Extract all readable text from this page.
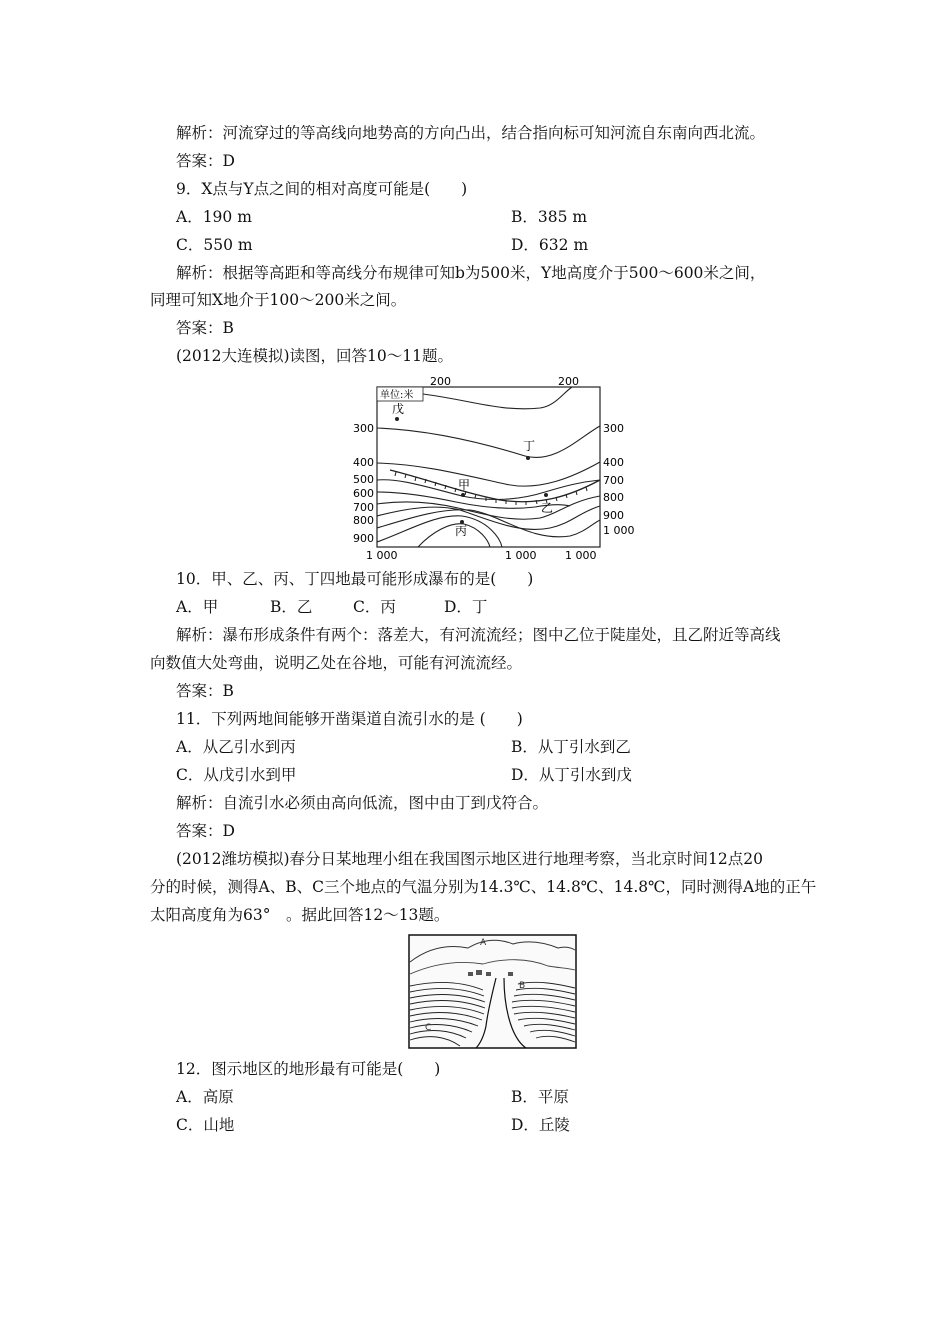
解析：河流穿过的等高线向地势高的方向凸出，结合指向标可知河流自东南向西北流。
答案：D
9．X点与Y点之间的相对高度可能是(　　)
A．190 m	B．385 m
C．550 m	D．632 m
解析：根据等高距和等高线分布规律可知b为500米，Y地高度介于500～600米之间，
同理可知X地介于100～200米之间。
答案：B
(2012大连模拟)读图，回答10～11题。
单位:米
戊
丁
甲
乙
丙
200	200
300
400
500
600
700
800
900
300
400
700
800
900
1 000
1 000	1 000	1 000
10．甲、乙、丙、丁四地最可能形成瀑布的是(　　)
A．甲	B．乙	C．丙	D．丁
解析：瀑布形成条件有两个：落差大，有河流流经；图中乙位于陡崖处，且乙附近等高线
向数值大处弯曲，说明乙处在谷地，可能有河流流经。
答案：B
11．下列两地间能够开凿渠道自流引水的是 (　　)
A．从乙引水到丙	B．从丁引水到乙
C．从戊引水到甲	D．从丁引水到戊
解析：自流引水必须由高向低流，图中由丁到戊符合。
答案：D
(2012潍坊模拟)春分日某地理小组在我国图示地区进行地理考察，当北京时间12点20
分的时候，测得A、B、C三个地点的气温分别为14.3℃、14.8℃、14.8℃，同时测得A地的正午
太阳高度角为63°　。据此回答12～13题。
A
B
C
12．图示地区的地形最有可能是(　　)
A．高原	B．平原
C．山地	D．丘陵
